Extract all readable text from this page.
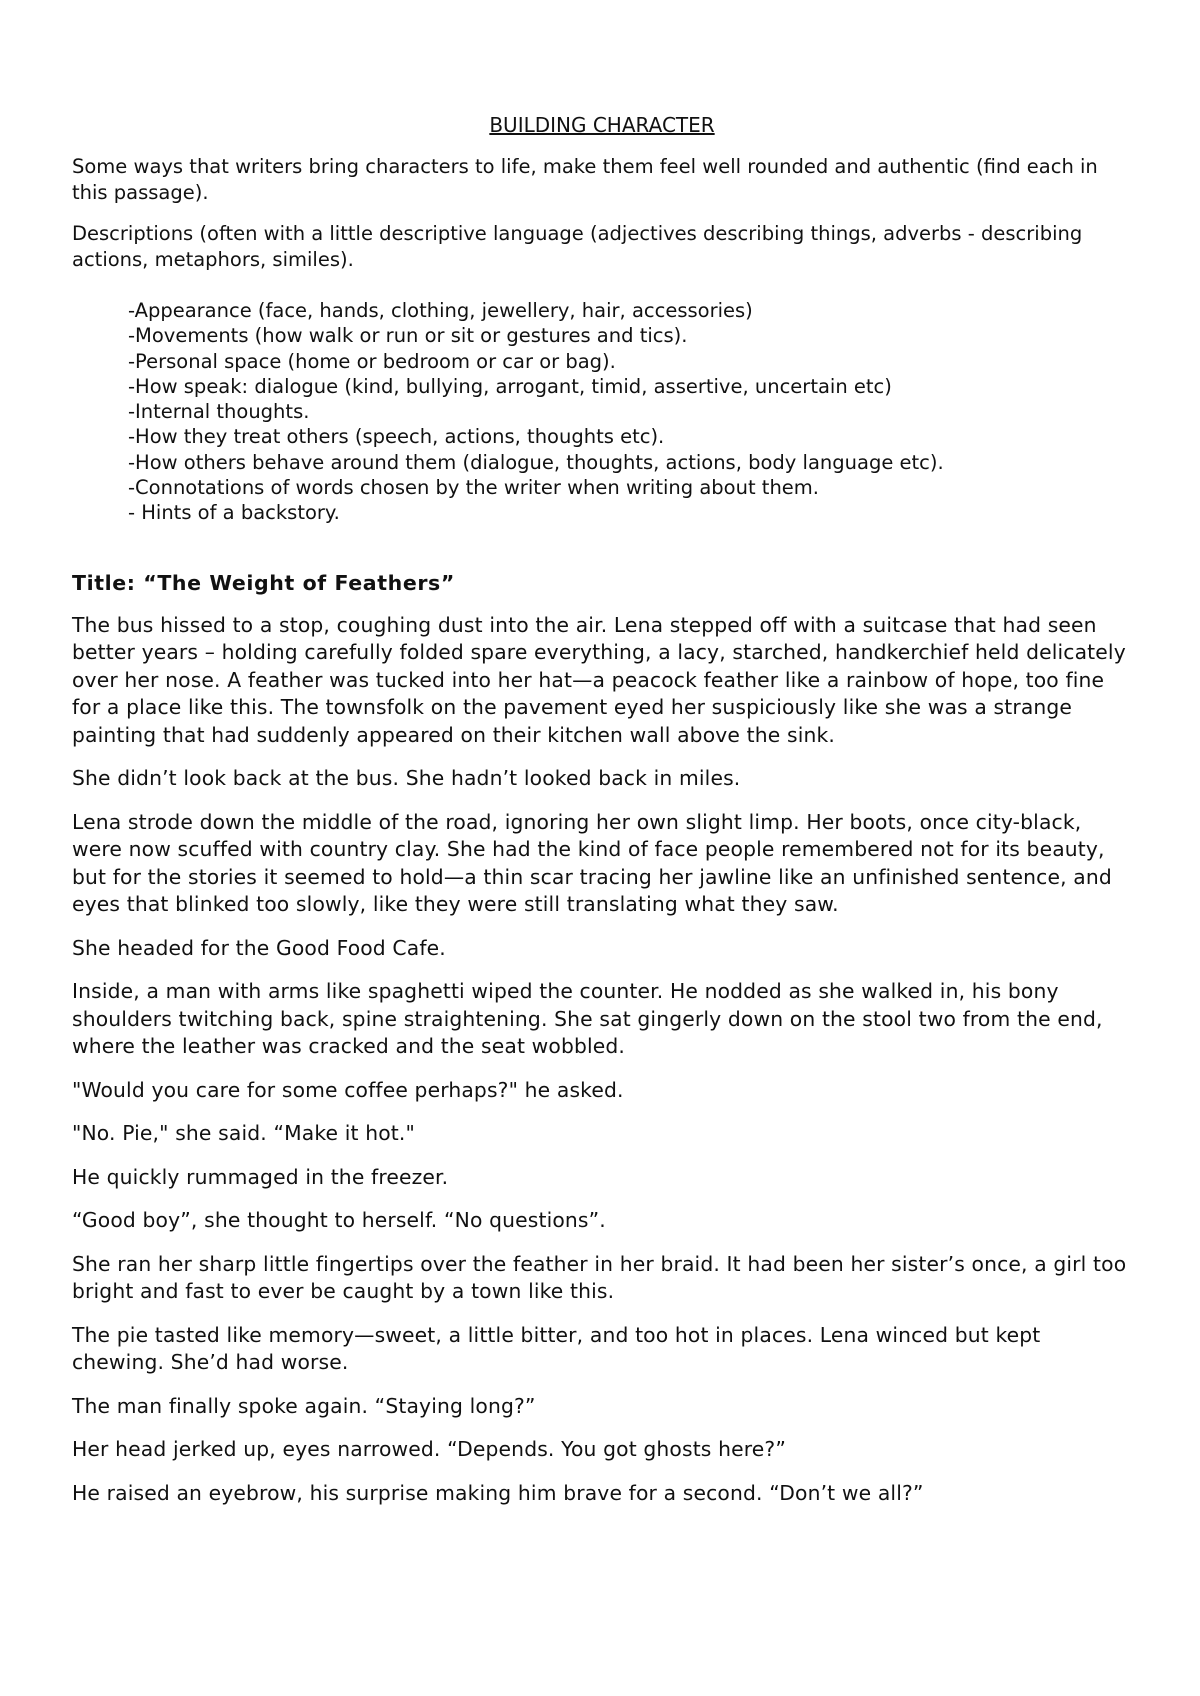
BUILDING CHARACTER

Some ways that writers bring characters to life, make them feel well rounded and authentic (find each in this passage).

Descriptions (often with a little descriptive language (adjectives describing things, adverbs - describing actions, metaphors, similes).

-Appearance (face, hands, clothing, jewellery, hair, accessories)
-Movements (how walk or run or sit or gestures and tics).
-Personal space (home or bedroom or car or bag).
-How speak: dialogue (kind, bullying, arrogant, timid, assertive, uncertain etc)
-Internal thoughts.
-How they treat others (speech, actions, thoughts etc).
-How others behave around them (dialogue, thoughts, actions, body language etc).
-Connotations of words chosen by the writer when writing about them.
- Hints of a backstory.
Title: “The Weight of Feathers”

The bus hissed to a stop, coughing dust into the air. Lena stepped off with a suitcase that had seen better years – holding carefully folded spare everything, a lacy, starched, handkerchief held delicately over her nose. A feather was tucked into her hat—a peacock feather like a rainbow of hope, too fine for a place like this. The townsfolk on the pavement eyed her suspiciously like she was a strange painting that had suddenly appeared on their kitchen wall above the sink.

She didn’t look back at the bus. She hadn’t looked back in miles.

Lena strode down the middle of the road, ignoring her own slight limp. Her boots, once city-black, were now scuffed with country clay. She had the kind of face people remembered not for its beauty, but for the stories it seemed to hold—a thin scar tracing her jawline like an unfinished sentence, and eyes that blinked too slowly, like they were still translating what they saw.

She headed for the Good Food Cafe.

Inside, a man with arms like spaghetti wiped the counter. He nodded as she walked in, his bony shoulders twitching back, spine straightening. She sat gingerly down on the stool two from the end, where the leather was cracked and the seat wobbled.

"Would you care for some coffee perhaps?" he asked.

"No. Pie," she said. “Make it hot."

He quickly rummaged in the freezer.

“Good boy”, she thought to herself. “No questions”.

She ran her sharp little fingertips over the feather in her braid. It had been her sister’s once, a girl too bright and fast to ever be caught by a town like this.

The pie tasted like memory—sweet, a little bitter, and too hot in places. Lena winced but kept chewing. She’d had worse.

The man finally spoke again. “Staying long?”

Her head jerked up, eyes narrowed. “Depends. You got ghosts here?”

He raised an eyebrow, his surprise making him brave for a second. “Don’t we all?”
